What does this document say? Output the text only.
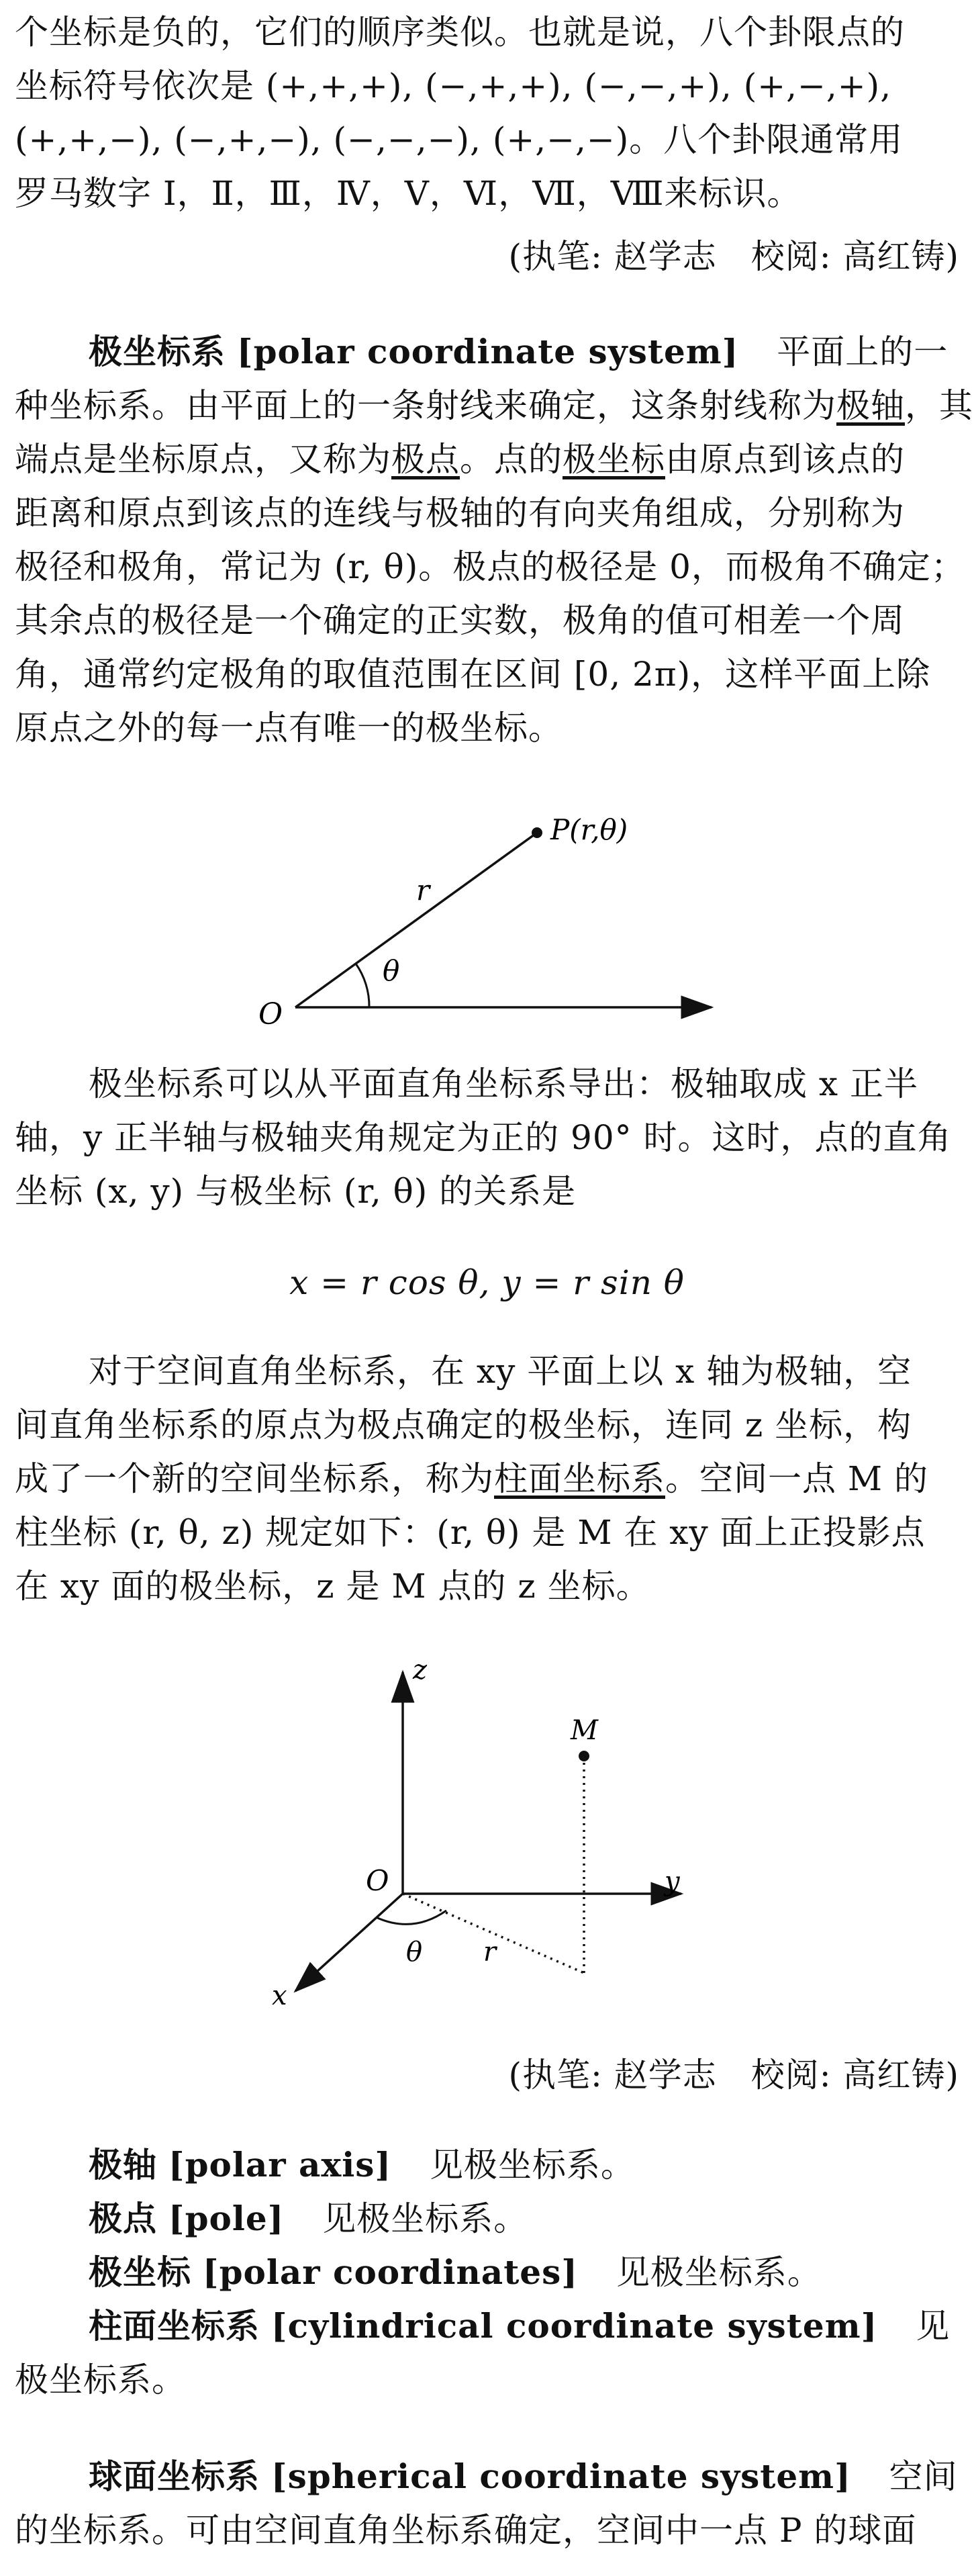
个坐标是负的，它们的顺序类似。也就是说，八个卦限点的
坐标符号依次是 (+,+,+), (−,+,+), (−,−,+), (+,−,+),
(+,+,−), (−,+,−), (−,−,−), (+,−,−)。八个卦限通常用
罗马数字 Ⅰ，Ⅱ，Ⅲ，Ⅳ，Ⅴ，Ⅵ，Ⅶ，Ⅷ来标识。
(执笔: 赵学志　校阅: 高红铸)
极坐标系 [polar coordinate system] 平面上的一
种坐标系。由平面上的一条射线来确定，这条射线称为极轴，其
端点是坐标原点，又称为极点。点的极坐标由原点到该点的
距离和原点到该点的连线与极轴的有向夹角组成，分别称为
极径和极角，常记为 (r, θ)。极点的极径是 0，而极角不确定；
其余点的极径是一个确定的正实数，极角的值可相差一个周
角，通常约定极角的取值范围在区间 [0, 2π)，这样平面上除
原点之外的每一点有唯一的极坐标。
P(r,θ)
r
θ
O
极坐标系可以从平面直角坐标系导出：极轴取成 x 正半
轴，y 正半轴与极轴夹角规定为正的 90° 时。这时，点的直角
坐标 (x, y) 与极坐标 (r, θ) 的关系是
x = r cos θ, y = r sin θ
对于空间直角坐标系，在 xy 平面上以 x 轴为极轴，空
间直角坐标系的原点为极点确定的极坐标，连同 z 坐标，构
成了一个新的空间坐标系，称为柱面坐标系。空间一点 M 的
柱坐标 (r, θ, z) 规定如下：(r, θ) 是 M 在 xy 面上正投影点
在 xy 面的极坐标，z 是 M 点的 z 坐标。
z
y
x
M
O
θ r
(执笔: 赵学志　校阅: 高红铸)
极轴 [polar axis] 见极坐标系。
极点 [pole] 见极坐标系。
极坐标 [polar coordinates] 见极坐标系。
柱面坐标系 [cylindrical coordinate system] 见
极坐标系。
球面坐标系 [spherical coordinate system] 空间
的坐标系。可由空间直角坐标系确定，空间中一点 P 的球面
